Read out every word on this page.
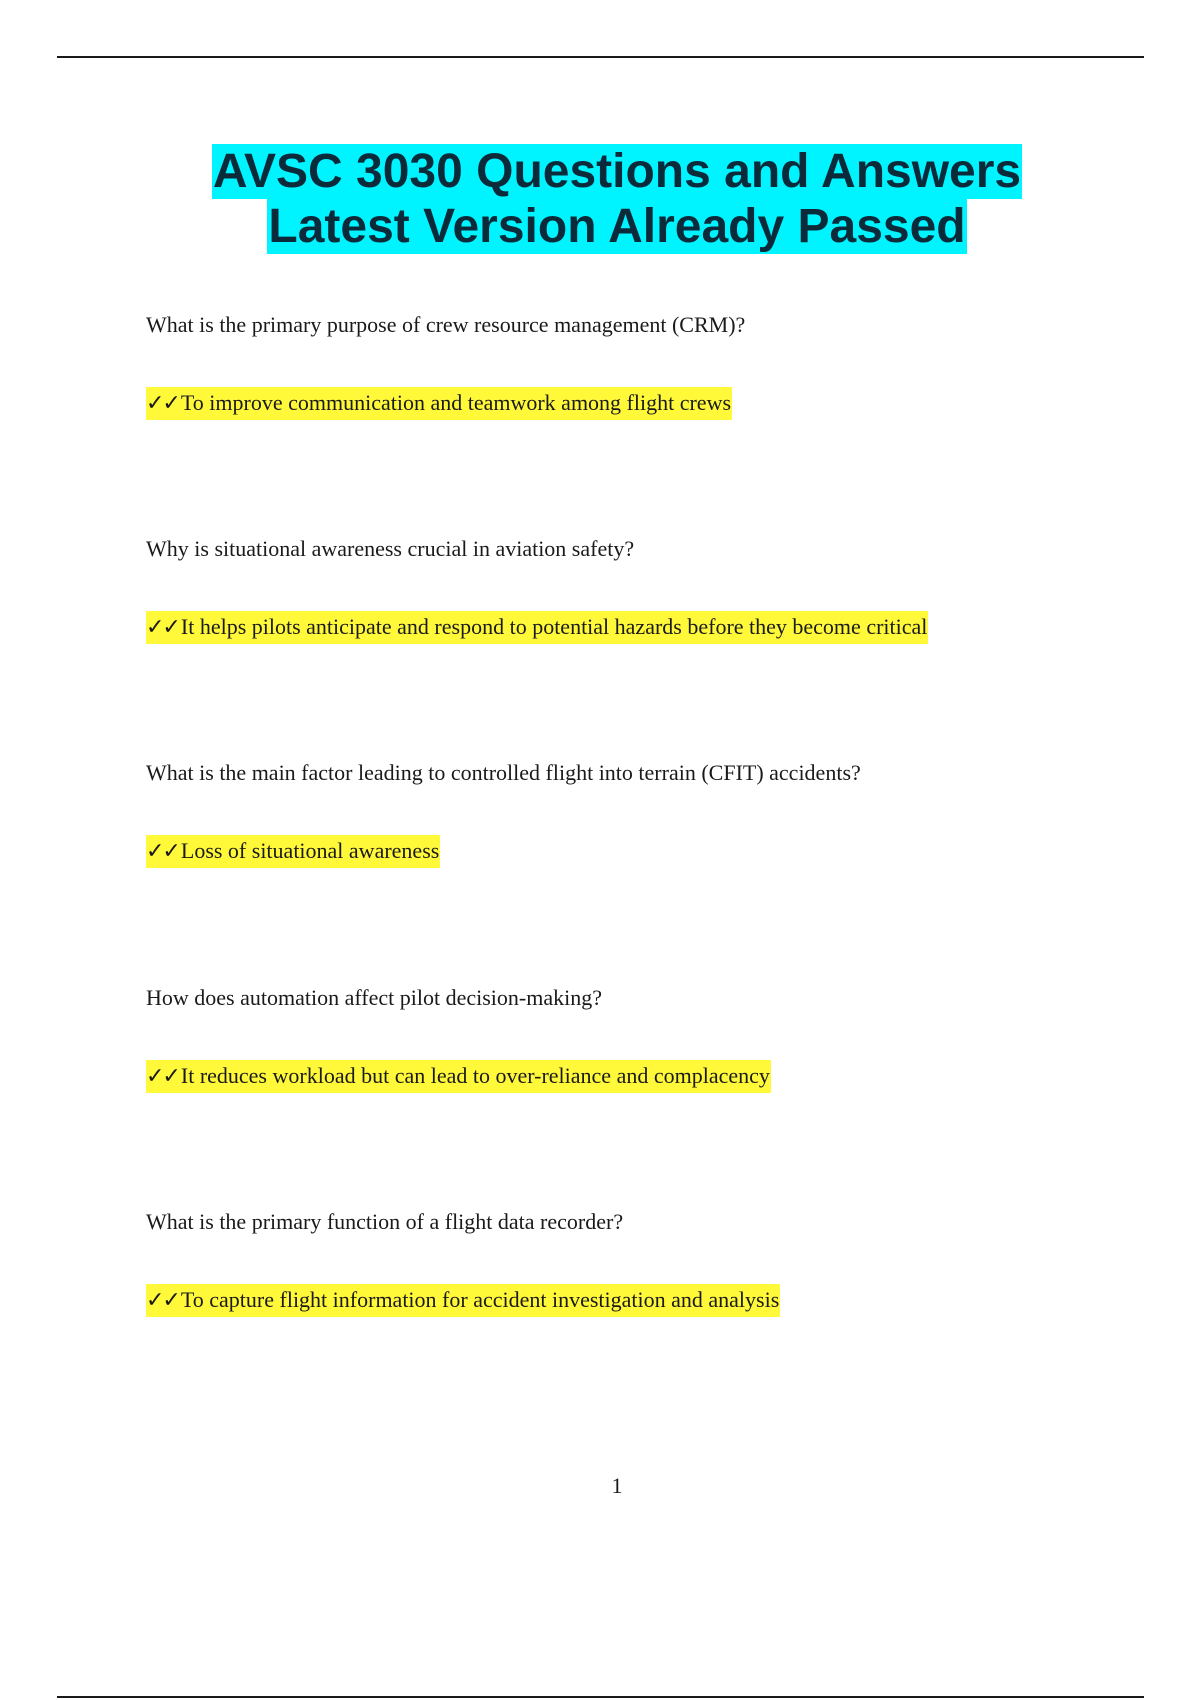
AVSC 3030 Questions and Answers
Latest Version Already Passed
What is the primary purpose of crew resource management (CRM)?
✓✓To improve communication and teamwork among flight crews
Why is situational awareness crucial in aviation safety?
✓✓It helps pilots anticipate and respond to potential hazards before they become critical
What is the main factor leading to controlled flight into terrain (CFIT) accidents?
✓✓Loss of situational awareness
How does automation affect pilot decision-making?
✓✓It reduces workload but can lead to over-reliance and complacency
What is the primary function of a flight data recorder?
✓✓To capture flight information for accident investigation and analysis
1
